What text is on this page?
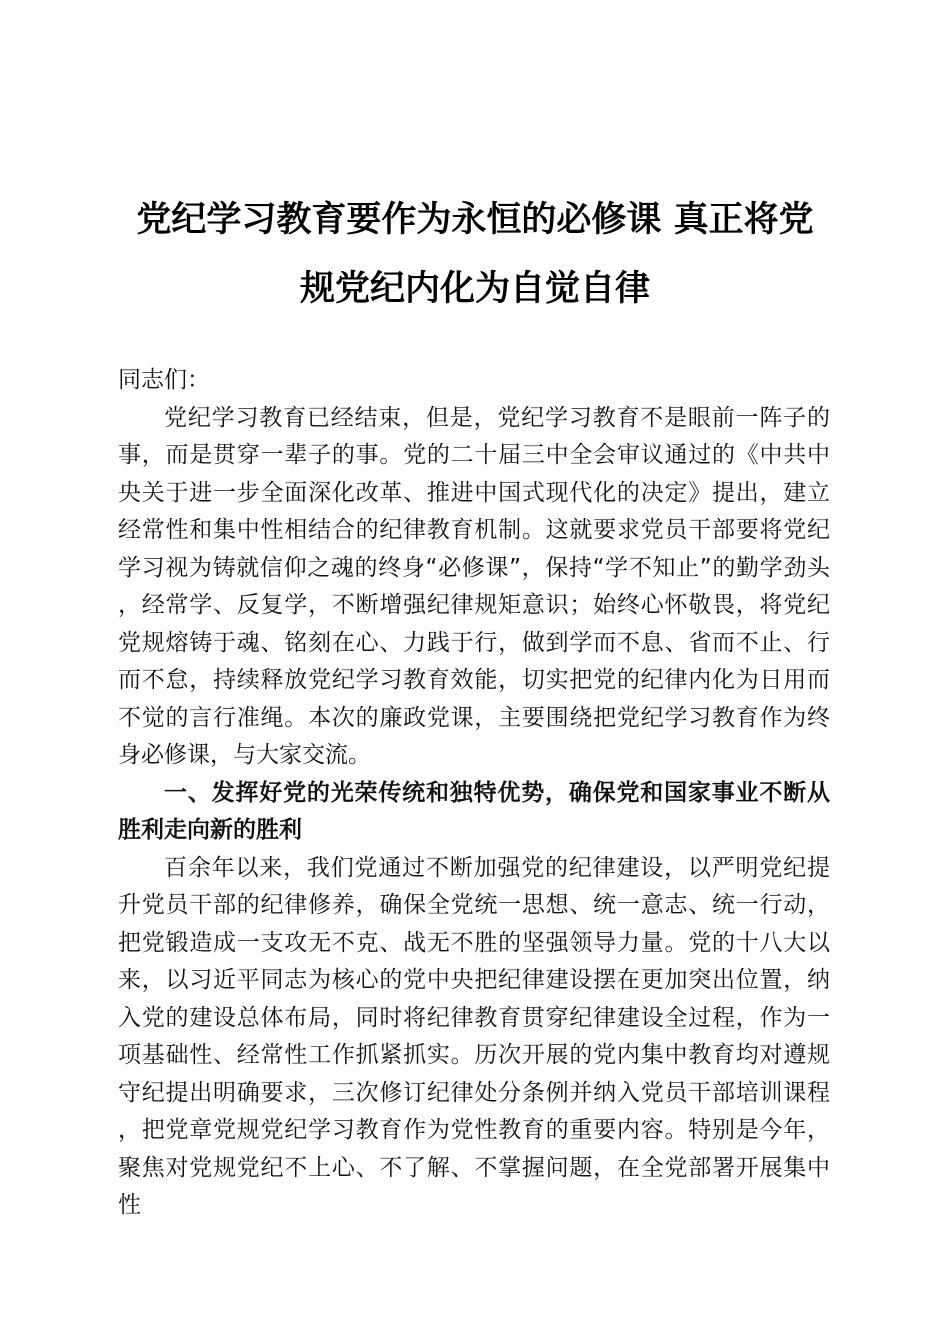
党纪学习教育要作为永恒的必修课 真正将党
规党纪内化为自觉自律

同志们：

党纪学习教育已经结束，但是，党纪学习教育不是眼前一阵子的事，而是贯穿一辈子的事。党的二十届三中全会审议通过的《中共中央关于进一步全面深化改革、推进中国式现代化的决定》提出，建立经常性和集中性相结合的纪律教育机制。这就要求党员干部要将党纪学习视为铸就信仰之魂的终身“必修课”，保持“学不知止”的勤学劲头，经常学、反复学，不断增强纪律规矩意识；始终心怀敬畏，将党纪党规熔铸于魂、铭刻在心、力践于行，做到学而不息、省而不止、行而不怠，持续释放党纪学习教育效能，切实把党的纪律内化为日用而不觉的言行准绳。本次的廉政党课，主要围绕把党纪学习教育作为终身必修课，与大家交流。

一、发挥好党的光荣传统和独特优势，确保党和国家事业不断从胜利走向新的胜利

百余年以来，我们党通过不断加强党的纪律建设，以严明党纪提升党员干部的纪律修养，确保全党统一思想、统一意志、统一行动，把党锻造成一支攻无不克、战无不胜的坚强领导力量。党的十八大以来，以习近平同志为核心的党中央把纪律建设摆在更加突出位置，纳入党的建设总体布局，同时将纪律教育贯穿纪律建设全过程，作为一项基础性、经常性工作抓紧抓实。历次开展的党内集中教育均对遵规守纪提出明确要求，三次修订纪律处分条例并纳入党员干部培训课程，把党章党规党纪学习教育作为党性教育的重要内容。特别是今年，聚焦对党规党纪不上心、不了解、不掌握问题，在全党部署开展集中性
